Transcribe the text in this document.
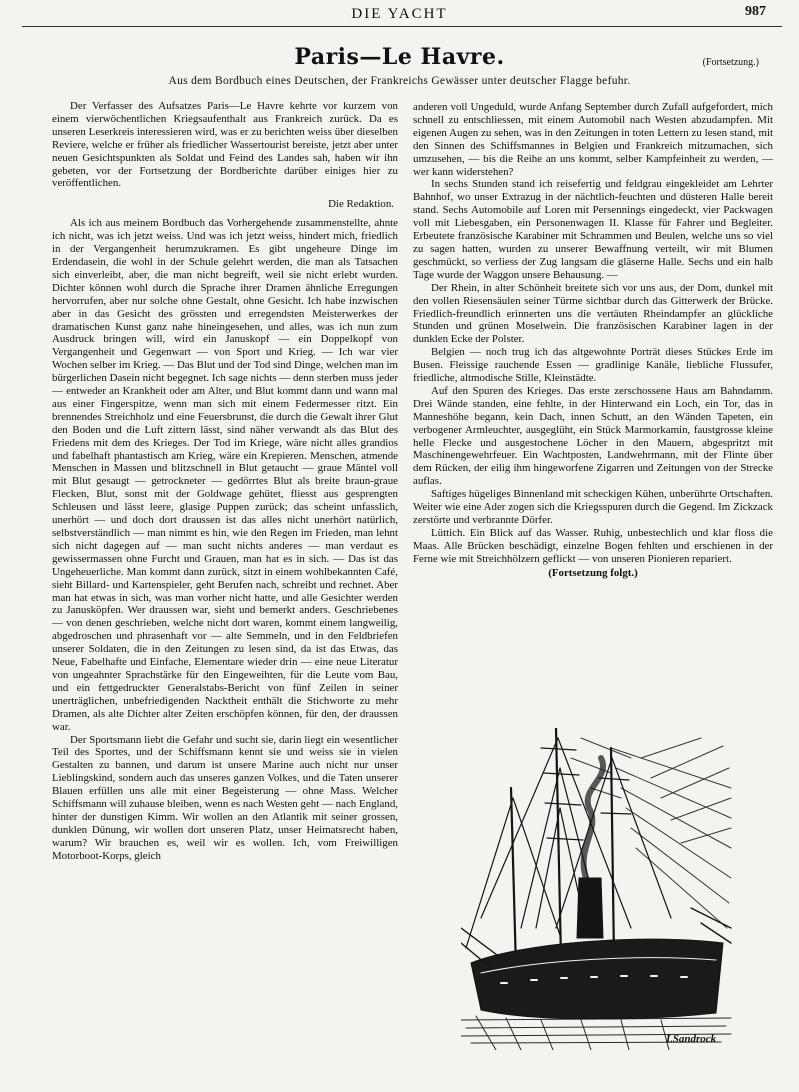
DIE YACHT	987
Paris—Le Havre.	(Fortsetzung.)
Aus dem Bordbuch eines Deutschen, der Frankreichs Gewässer unter deutscher Flagge befuhr.

Der Verfasser des Aufsatzes Paris—Le Havre kehrte vor kurzem von einem vierwöchentlichen Kriegsaufenthalt aus Frankreich zurück. Da es unseren Leserkreis interessieren wird, was er zu berichten weiss über dieselben Reviere, welche er früher als friedlicher Wassertourist bereiste, jetzt aber unter neuen Gesichtspunkten als Soldat und Feind des Landes sah, haben wir ihn gebeten, vor der Fortsetzung der Bordberichte darüber einiges hier zu veröffentlichen.

Die Redaktion.

Als ich aus meinem Bordbuch das Vorhergehende zusammenstellte, ahnte ich nicht, was ich jetzt weiss. Und was ich jetzt weiss, hindert mich, friedlich in der Vergangenheit herumzukramen. Es gibt ungeheure Dinge im Erdendasein, die wohl in der Schule gelehrt werden, die man als Tatsachen sich einverleibt, aber, die man nicht begreift, weil sie nicht erlebt wurden. Dichter können wohl durch die Sprache ihrer Dramen ähnliche Erregungen hervorrufen, aber nur solche ohne Gestalt, ohne Gesicht. Ich habe inzwischen aber in das Gesicht des grössten und erregendsten Meisterwerkes der dramatischen Kunst ganz nahe hineingesehen, und alles, was ich nun zum Ausdruck bringen will, wird ein Januskopf — ein Doppelkopf von Vergangenheit und Gegenwart — von Sport und Krieg. — Ich war vier Wochen selber im Krieg. — Das Blut und der Tod sind Dinge, welchen man im bürgerlichen Dasein nicht begegnet. Ich sage nichts — denn sterben muss jeder — entweder an Krankheit oder am Alter, und Blut kommt dann und wann mal aus einer Fingerspitze, wenn man sich mit einem Federmesser ritzt. Ein brennendes Streichholz und eine Feuersbrunst, die durch die Gewalt ihrer Glut den Boden und die Luft zittern lässt, sind näher verwandt als das Blut des Friedens mit dem des Krieges. Der Tod im Kriege, wäre nicht alles grandios und fabelhaft phantastisch am Krieg, wäre ein Krepieren. Menschen, atmende Menschen in Massen und blitzschnell in Blut getaucht — graue Mäntel voll mit Blut gesaugt — getrockneter — gedörrtes Blut als breite braun-graue Flecken, Blut, sonst mit der Goldwage gehütet, fliesst aus gesprengten Schleusen und lässt leere, glasige Puppen zurück; das scheint unfasslich, unerhört — und doch dort draussen ist das alles nicht unerhört natürlich, selbstverständlich — man nimmt es hin, wie den Regen im Frieden, man lehnt sich nicht dagegen auf — man sucht nichts anderes — man verdaut es gewissermassen ohne Furcht und Grauen, man hat es in sich. — Das ist das Ungeheuerliche. Man kommt dann zurück, sitzt in einem wohlbekannten Café, sieht Billard- und Kartenspieler, geht Berufen nach, schreibt und rechnet. Aber man hat etwas in sich, was man vorher nicht hatte, und alle Gesichter werden zu Janusköpfen. Wer draussen war, sieht und bemerkt anders. Geschriebenes — von denen geschrieben, welche nicht dort waren, kommt einem langweilig, abgedroschen und phrasenhaft vor — alte Semmeln, und in den Feldbriefen unserer Soldaten, die in den Zeitungen zu lesen sind, da ist das Etwas, das Neue, Fabelhafte und Einfache, Elementare wieder drin — eine neue Literatur von ungeahnter Sprachstärke für den Eingeweihten, für die Leute vom Bau, und ein fettgedruckter Generalstabs-Bericht von fünf Zeilen in seiner unerträglichen, unbefriedigenden Nacktheit enthält die Stichworte zu mehr Dramen, als alte Dichter alter Zeiten erschöpfen können, für den, der draussen war.

Der Sportsmann liebt die Gefahr und sucht sie, darin liegt ein wesentlicher Teil des Sportes, und der Schiffsmann kennt sie und weiss sie in vielen Gestalten zu bannen, und darum ist unsere Marine auch nicht nur unser Lieblingskind, sondern auch das unseres ganzen Volkes, und die Taten unserer Blauen erfüllen uns alle mit einer Begeisterung — ohne Mass. Welcher Schiffsmann will zuhause bleiben, wenn es nach Westen geht — nach England, hinter der dunstigen Kimm. Wir wollen an den Atlantik mit seiner grossen, dunklen Dünung, wir wollen dort unseren Platz, unser Heimatsrecht haben, warum? Wir brauchen es, weil wir es wollen. Ich, vom Freiwilligen Motorboot-Korps, gleich

anderen voll Ungeduld, wurde Anfang September durch Zufall aufgefordert, mich schnell zu entschliessen, mit einem Automobil nach Westen abzudampfen. Mit eigenen Augen zu sehen, was in den Zeitungen in toten Lettern zu lesen stand, mit den Sinnen des Schiffsmannes in Belgien und Frankreich mitzumachen, sich umzusehen, — bis die Reihe an uns kommt, selber Kampfeinheit zu werden, — wer kann widerstehen?

In sechs Stunden stand ich reisefertig und feldgrau eingekleidet am Lehrter Bahnhof, wo unser Extrazug in der nächtlich-feuchten und düsteren Halle bereit stand. Sechs Automobile auf Loren mit Persennings eingedeckt, vier Packwagen voll mit Liebesgaben, ein Personenwagen II. Klasse für Fahrer und Begleiter. Erbeutete französische Karabiner mit Schrammen und Beulen, welche uns so viel zu sagen hatten, wurden zu unserer Bewaffnung verteilt, wir mit Blumen geschmückt, so verliess der Zug langsam die gläserne Halle. Sechs und ein halb Tage wurde der Waggon unsere Behausung. —

Der Rhein, in alter Schönheit breitete sich vor uns aus, der Dom, dunkel mit den vollen Riesensäulen seiner Türme sichtbar durch das Gitterwerk der Brücke. Friedlich-freundlich erinnerten uns die vertäuten Rheindampfer an glückliche Stunden und grünen Moselwein. Die französischen Karabiner lagen in der dunklen Ecke der Polster.

Belgien — noch trug ich das altgewohnte Porträt dieses Stückes Erde im Busen. Fleissige rauchende Essen — gradlinige Kanäle, liebliche Flussufer, friedliche, altmodische Stille, Kleinstädte.

Auf den Spuren des Krieges. Das erste zerschossene Haus am Bahndamm. Drei Wände standen, eine fehlte, in der Hinterwand ein Loch, ein Tor, das in Manneshöhe begann, kein Dach, innen Schutt, an den Wänden Tapeten, ein verbogener Armleuchter, ausgeglüht, ein Stück Marmorkamin, faustgrosse kleine helle Flecke und ausgestochene Löcher in den Mauern, abgespritzt mit Maschinengewehrfeuer. Ein Wachtposten, Landwehrmann, mit der Flinte über dem Rücken, der eilig ihm hingeworfene Zigarren und Zeitungen von der Strecke auflas.

Saftiges hügeliges Binnenland mit scheckigen Kühen, unberührte Ortschaften. Weiter wie eine Ader zogen sich die Kriegsspuren durch die Gegend. Im Zickzack zerstörte und verbrannte Dörfer.

Lüttich. Ein Blick auf das Wasser. Ruhig, unbestechlich und klar floss die Maas. Alle Brücken beschädigt, einzelne Bogen fehlten und erschienen in der Ferne wie mit Streichhölzern geflickt — von unseren Pionieren repariert.

(Fortsetzung folgt.)

LSandrock
